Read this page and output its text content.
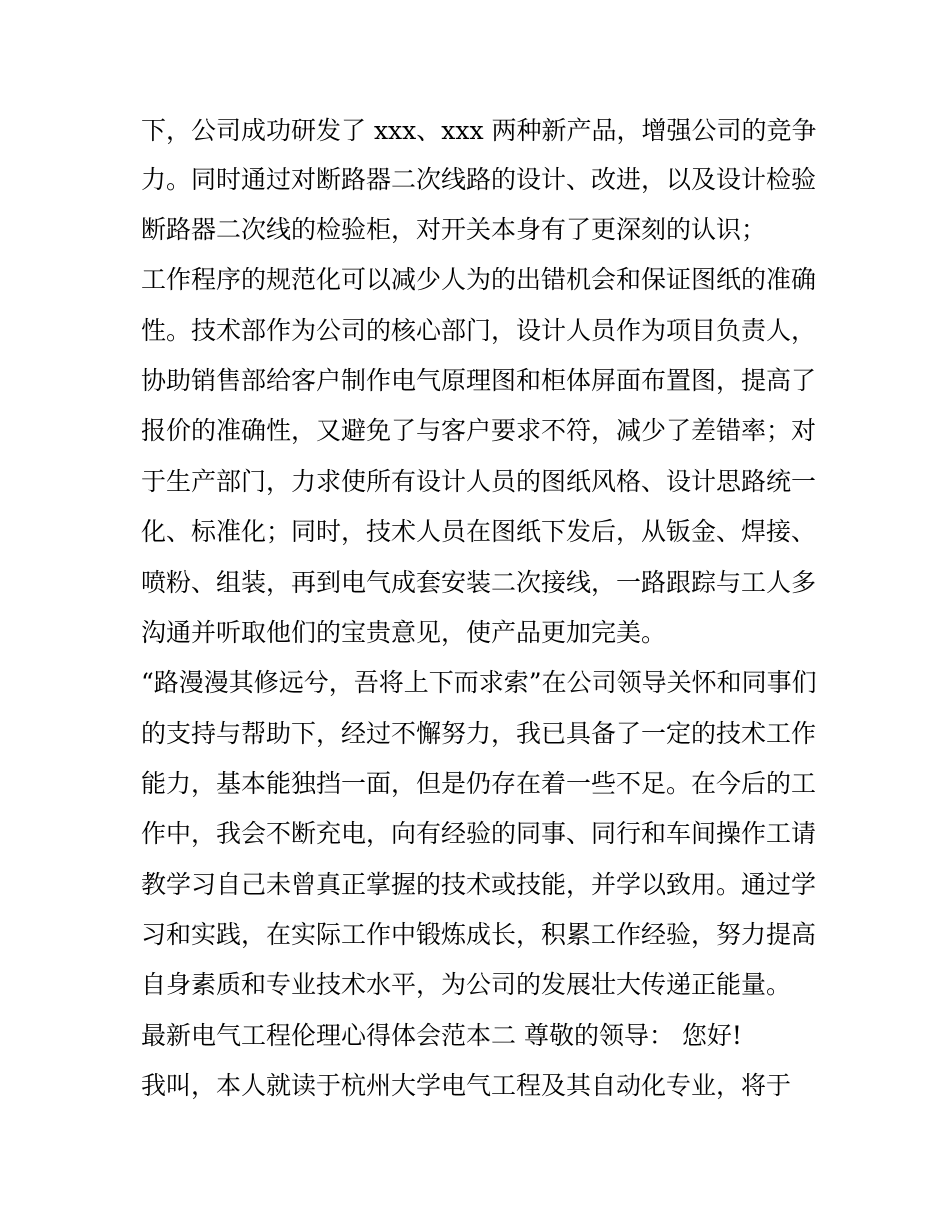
下，公司成功研发了 xxx、xxx 两种新产品，增强公司的竞争
力。同时通过对断路器二次线路的设计、改进，以及设计检验
断路器二次线的检验柜，对开关本身有了更深刻的认识；
工作程序的规范化可以减少人为的出错机会和保证图纸的准确
性。技术部作为公司的核心部门，设计人员作为项目负责人，
协助销售部给客户制作电气原理图和柜体屏面布置图，提高了
报价的准确性，又避免了与客户要求不符，减少了差错率；对
于生产部门，力求使所有设计人员的图纸风格、设计思路统一
化、标准化；同时，技术人员在图纸下发后，从钣金、焊接、
喷粉、组装，再到电气成套安装二次接线，一路跟踪与工人多
沟通并听取他们的宝贵意见，使产品更加完美。
“路漫漫其修远兮，吾将上下而求索”在公司领导关怀和同事们
的支持与帮助下，经过不懈努力，我已具备了一定的技术工作
能力，基本能独挡一面，但是仍存在着一些不足。在今后的工
作中，我会不断充电，向有经验的同事、同行和车间操作工请
教学习自己未曾真正掌握的技术或技能，并学以致用。通过学
习和实践，在实际工作中锻炼成长，积累工作经验，努力提高
自身素质和专业技术水平，为公司的发展壮大传递正能量。
最新电气工程伦理心得体会范本二 尊敬的领导： 您好!
我叫，本人就读于杭州大学电气工程及其自动化专业，将于
